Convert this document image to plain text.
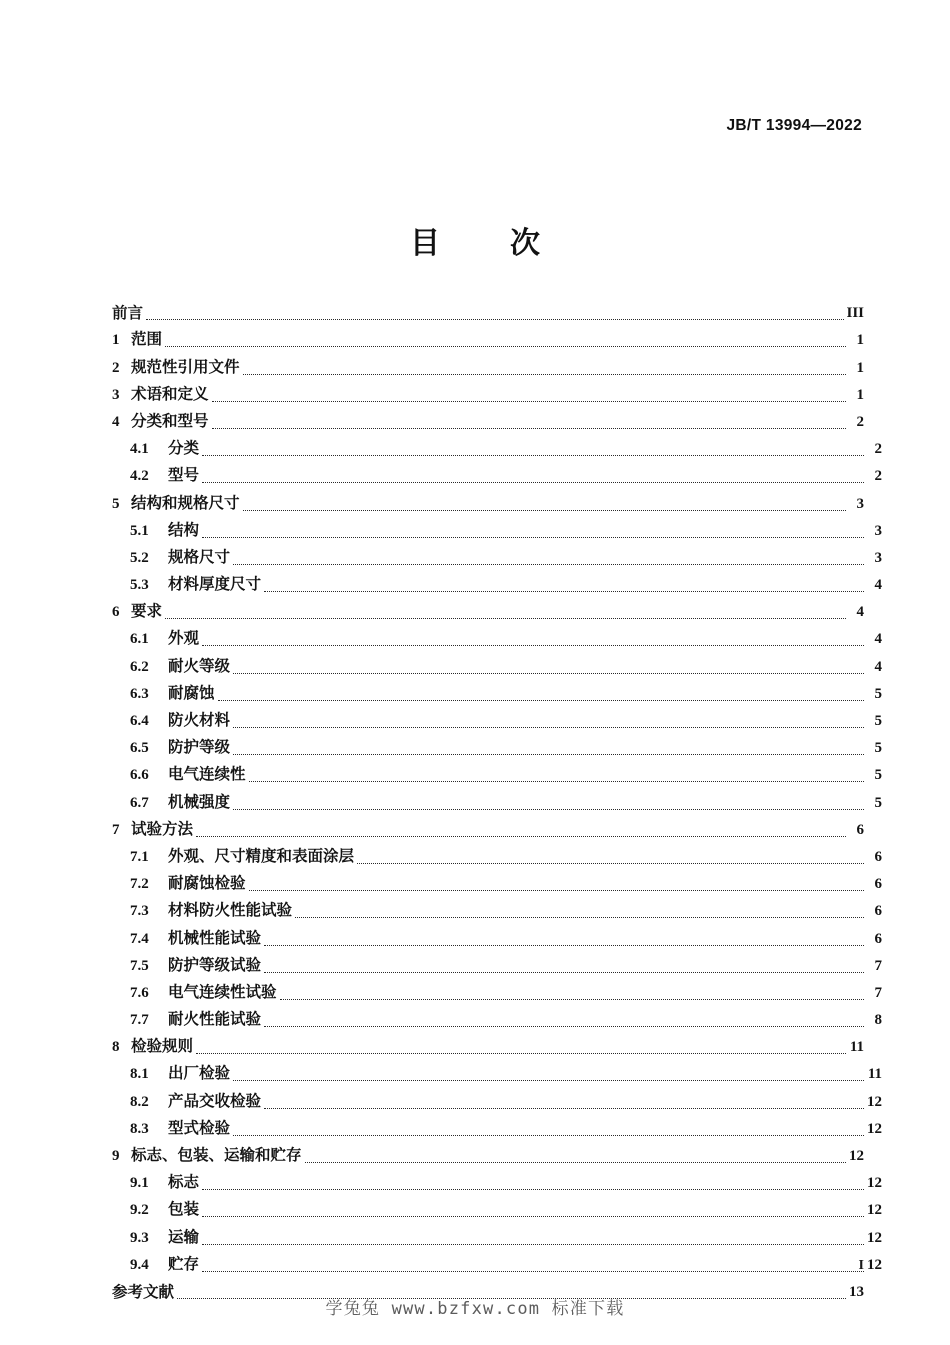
JB/T 13994—2022
目　次
前言	III
1 范围	1
2 规范性引用文件	1
3 术语和定义	1
4 分类和型号	2
4.1	分类	2
4.2	型号	2
5 结构和规格尺寸	3
5.1	结构	3
5.2	规格尺寸	3
5.3	材料厚度尺寸	4
6 要求	4
6.1	外观	4
6.2	耐火等级	4
6.3	耐腐蚀	5
6.4	防火材料	5
6.5	防护等级	5
6.6	电气连续性	5
6.7	机械强度	5
7 试验方法	6
7.1	外观、尺寸精度和表面涂层	6
7.2	耐腐蚀检验	6
7.3	材料防火性能试验	6
7.4	机械性能试验	6
7.5	防护等级试验	7
7.6	电气连续性试验	7
7.7	耐火性能试验	8
8 检验规则	11
8.1	出厂检验	11
8.2	产品交收检验	12
8.3	型式检验	12
9 标志、包装、运输和贮存	12
9.1	标志	12
9.2	包装	12
9.3	运输	12
9.4	贮存	12
参考文献	13
I
学兔兔 www.bzfxw.com 标准下载
